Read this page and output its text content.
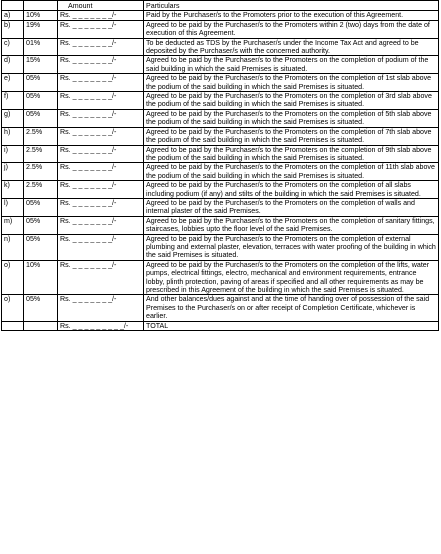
		Amount	Particulars
a)	10%	Rs. _ _ _ _ _ _ _/-	Paid by the Purchaser/s to the Promoters prior to the execution of this Agreement.
b)	19%	Rs. _ _ _ _ _ _ _/-	Agreed to be paid by the Purchaser/s to the Promoters within 2 (two) days from the date of execution of this Agreement.
c)	01%	Rs. _ _ _ _ _ _ _/-	To be deducted as TDS by the Purchaser/s under the Income Tax Act and agreed to be deposited by the Purchaser/s with the concerned authority.
d)	15%	Rs. _ _ _ _ _ _ _/-	Agreed to be paid by the Purchaser/s to the Promoters on the completion of podium of the said building in which the said Premises is situated.
e)	05%	Rs. _ _ _ _ _ _ _/-	Agreed to be paid by the Purchaser/s to the Promoters on the completion of 1st slab above the podium of the said building in which the said Premises is situated.
f)	05%	Rs. _ _ _ _ _ _ _/-	Agreed to be paid by the Purchaser/s to the Promoters on the completion of 3rd slab above the podium of the said building in which the said Premises is situated.
g)	05%	Rs. _ _ _ _ _ _ _/-	Agreed to be paid by the Purchaser/s to the Promoters on the completion of 5th slab above the podium of the said building in which the said Premises is situated.
h)	2.5%	Rs. _ _ _ _ _ _ _/-	Agreed to be paid by the Purchaser/s to the Promoters on the completion of 7th slab above the podium of the said building in which the said Premises is situated.
i)	2.5%	Rs. _ _ _ _ _ _ _/-	Agreed to be paid by the Purchaser/s to the Promoters on the completion of 9th slab above the podium of the said building in which the said Premises is situated.
j)	2.5%	Rs. _ _ _ _ _ _ _/-	Agreed to be paid by the Purchaser/s to the Promoters on the completion of 11th slab above the podium of the said building in which the said Premises is situated.
k)	2.5%	Rs. _ _ _ _ _ _ _/-	Agreed to be paid by the Purchaser/s to the Promoters on the completion of all slabs including podium (if any) and stilts of the building in which the said Premises is situated.
l)	05%	Rs. _ _ _ _ _ _ _/-	Agreed to be paid by the Purchaser/s to the Promoters on the completion of walls and internal plaster of the said Premises.
m)	05%	Rs. _ _ _ _ _ _ _/-	Agreed to be paid by the Purchaser/s to the Promoters on the completion of sanitary fittings, staircases, lobbies upto the floor level of the said Premises.
n)	05%	Rs. _ _ _ _ _ _ _/-	Agreed to be paid by the Purchaser/s to the Promoters on the completion of external plumbing and external plaster, elevation, terraces with water proofing of the building in which the said Premises is situated.
o)	10%	Rs. _ _ _ _ _ _ _/-	Agreed to be paid by the Purchaser/s to the Promoters on the completion of the lifts, water pumps, electrical fittings, electro, mechanical and environment requirements, entrance lobby, plinth protection, paving of areas if specified and all other requirements as may be prescribed in this Agreement of the building in which the said Premises is situated.
o)	05%	Rs. _ _ _ _ _ _ _/-	And other balances/dues against and at the time of handing over of possession of the said Premises to the Purchaser/s on or after receipt of Completion Certificate, whichever is earlier.
		Rs. _ _ _ _ _ _ _ _ _/-	TOTAL
